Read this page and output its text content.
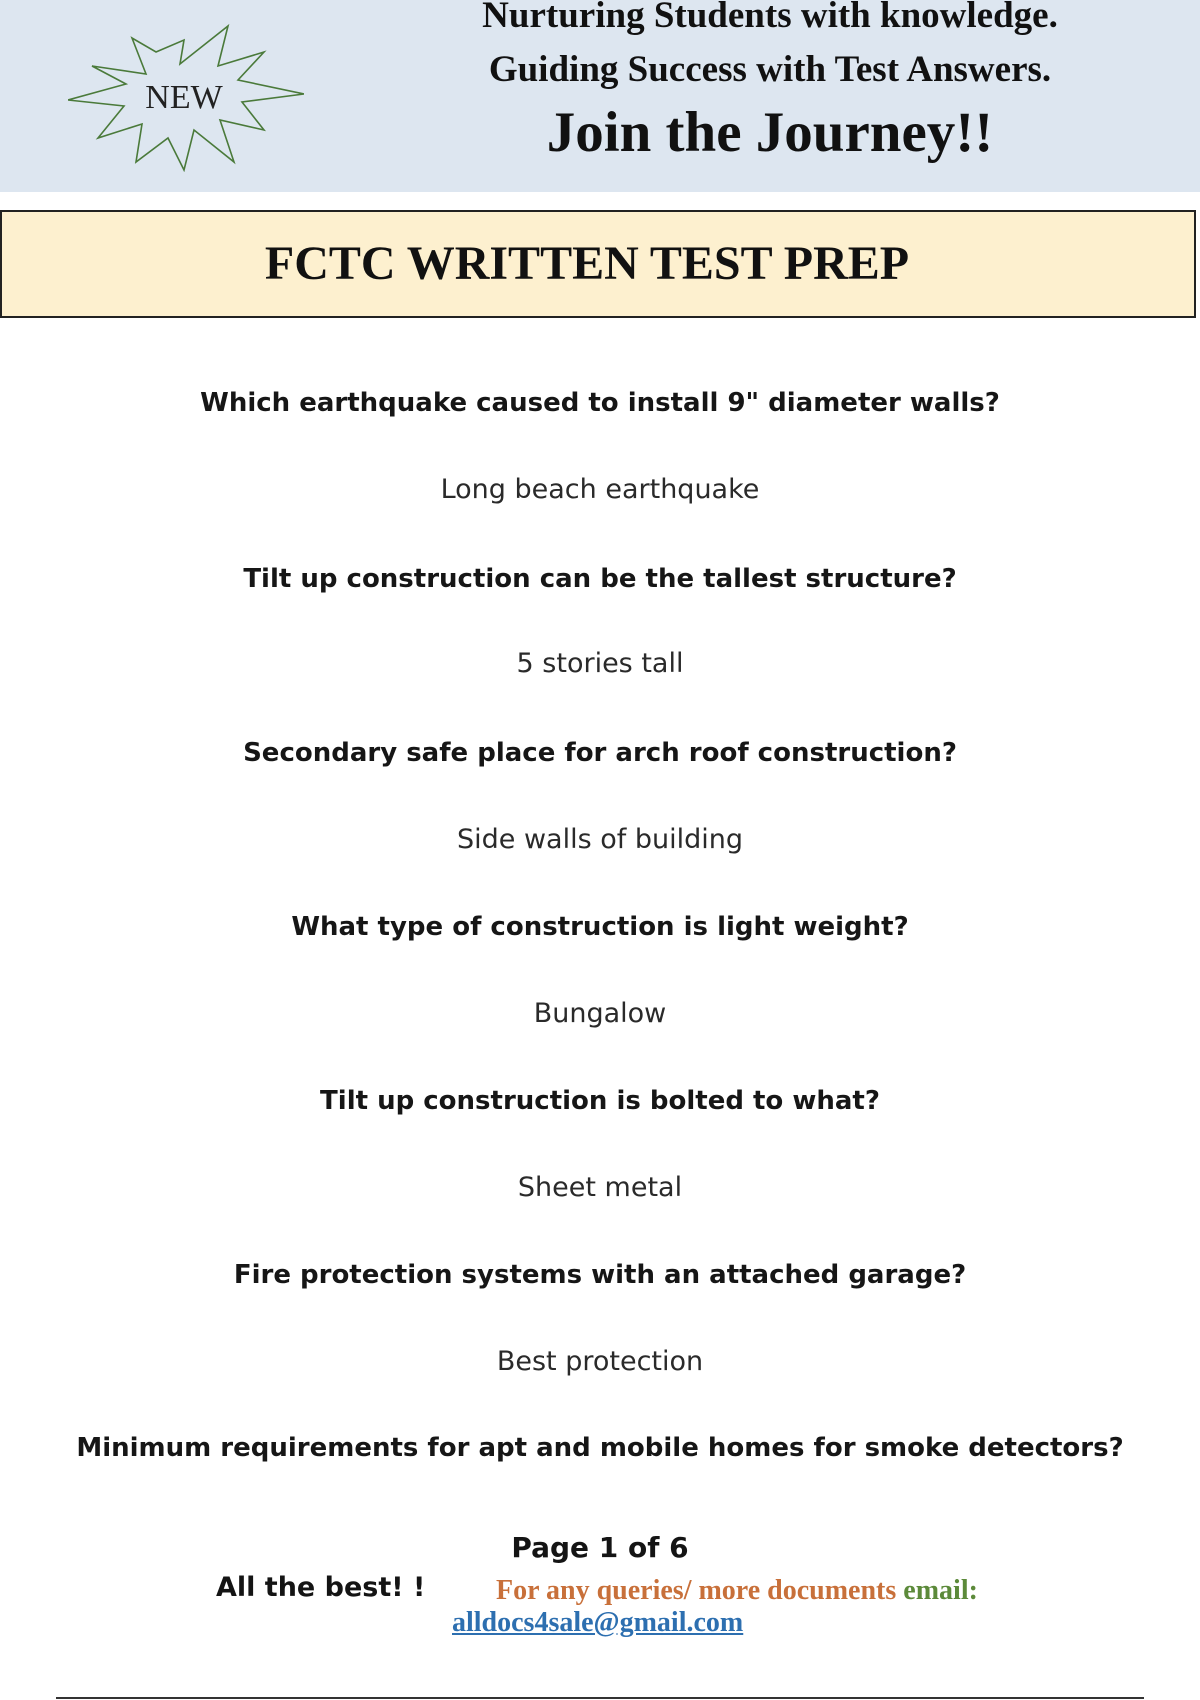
NEW
Nurturing Students with knowledge.
Guiding Success with Test Answers.
Join the Journey!!
FCTC WRITTEN TEST PREP
Which earthquake caused to install 9" diameter walls?
Long beach earthquake
Tilt up construction can be the tallest structure?
5 stories tall
Secondary safe place for arch roof construction?
Side walls of building
What type of construction is light weight?
Bungalow
Tilt up construction is bolted to what?
Sheet metal
Fire protection systems with an attached garage?
Best protection
Minimum requirements for apt and mobile homes for smoke detectors?
Page 1 of 6
All the best! !	For any queries/ more documents email:
alldocs4sale@gmail.com
